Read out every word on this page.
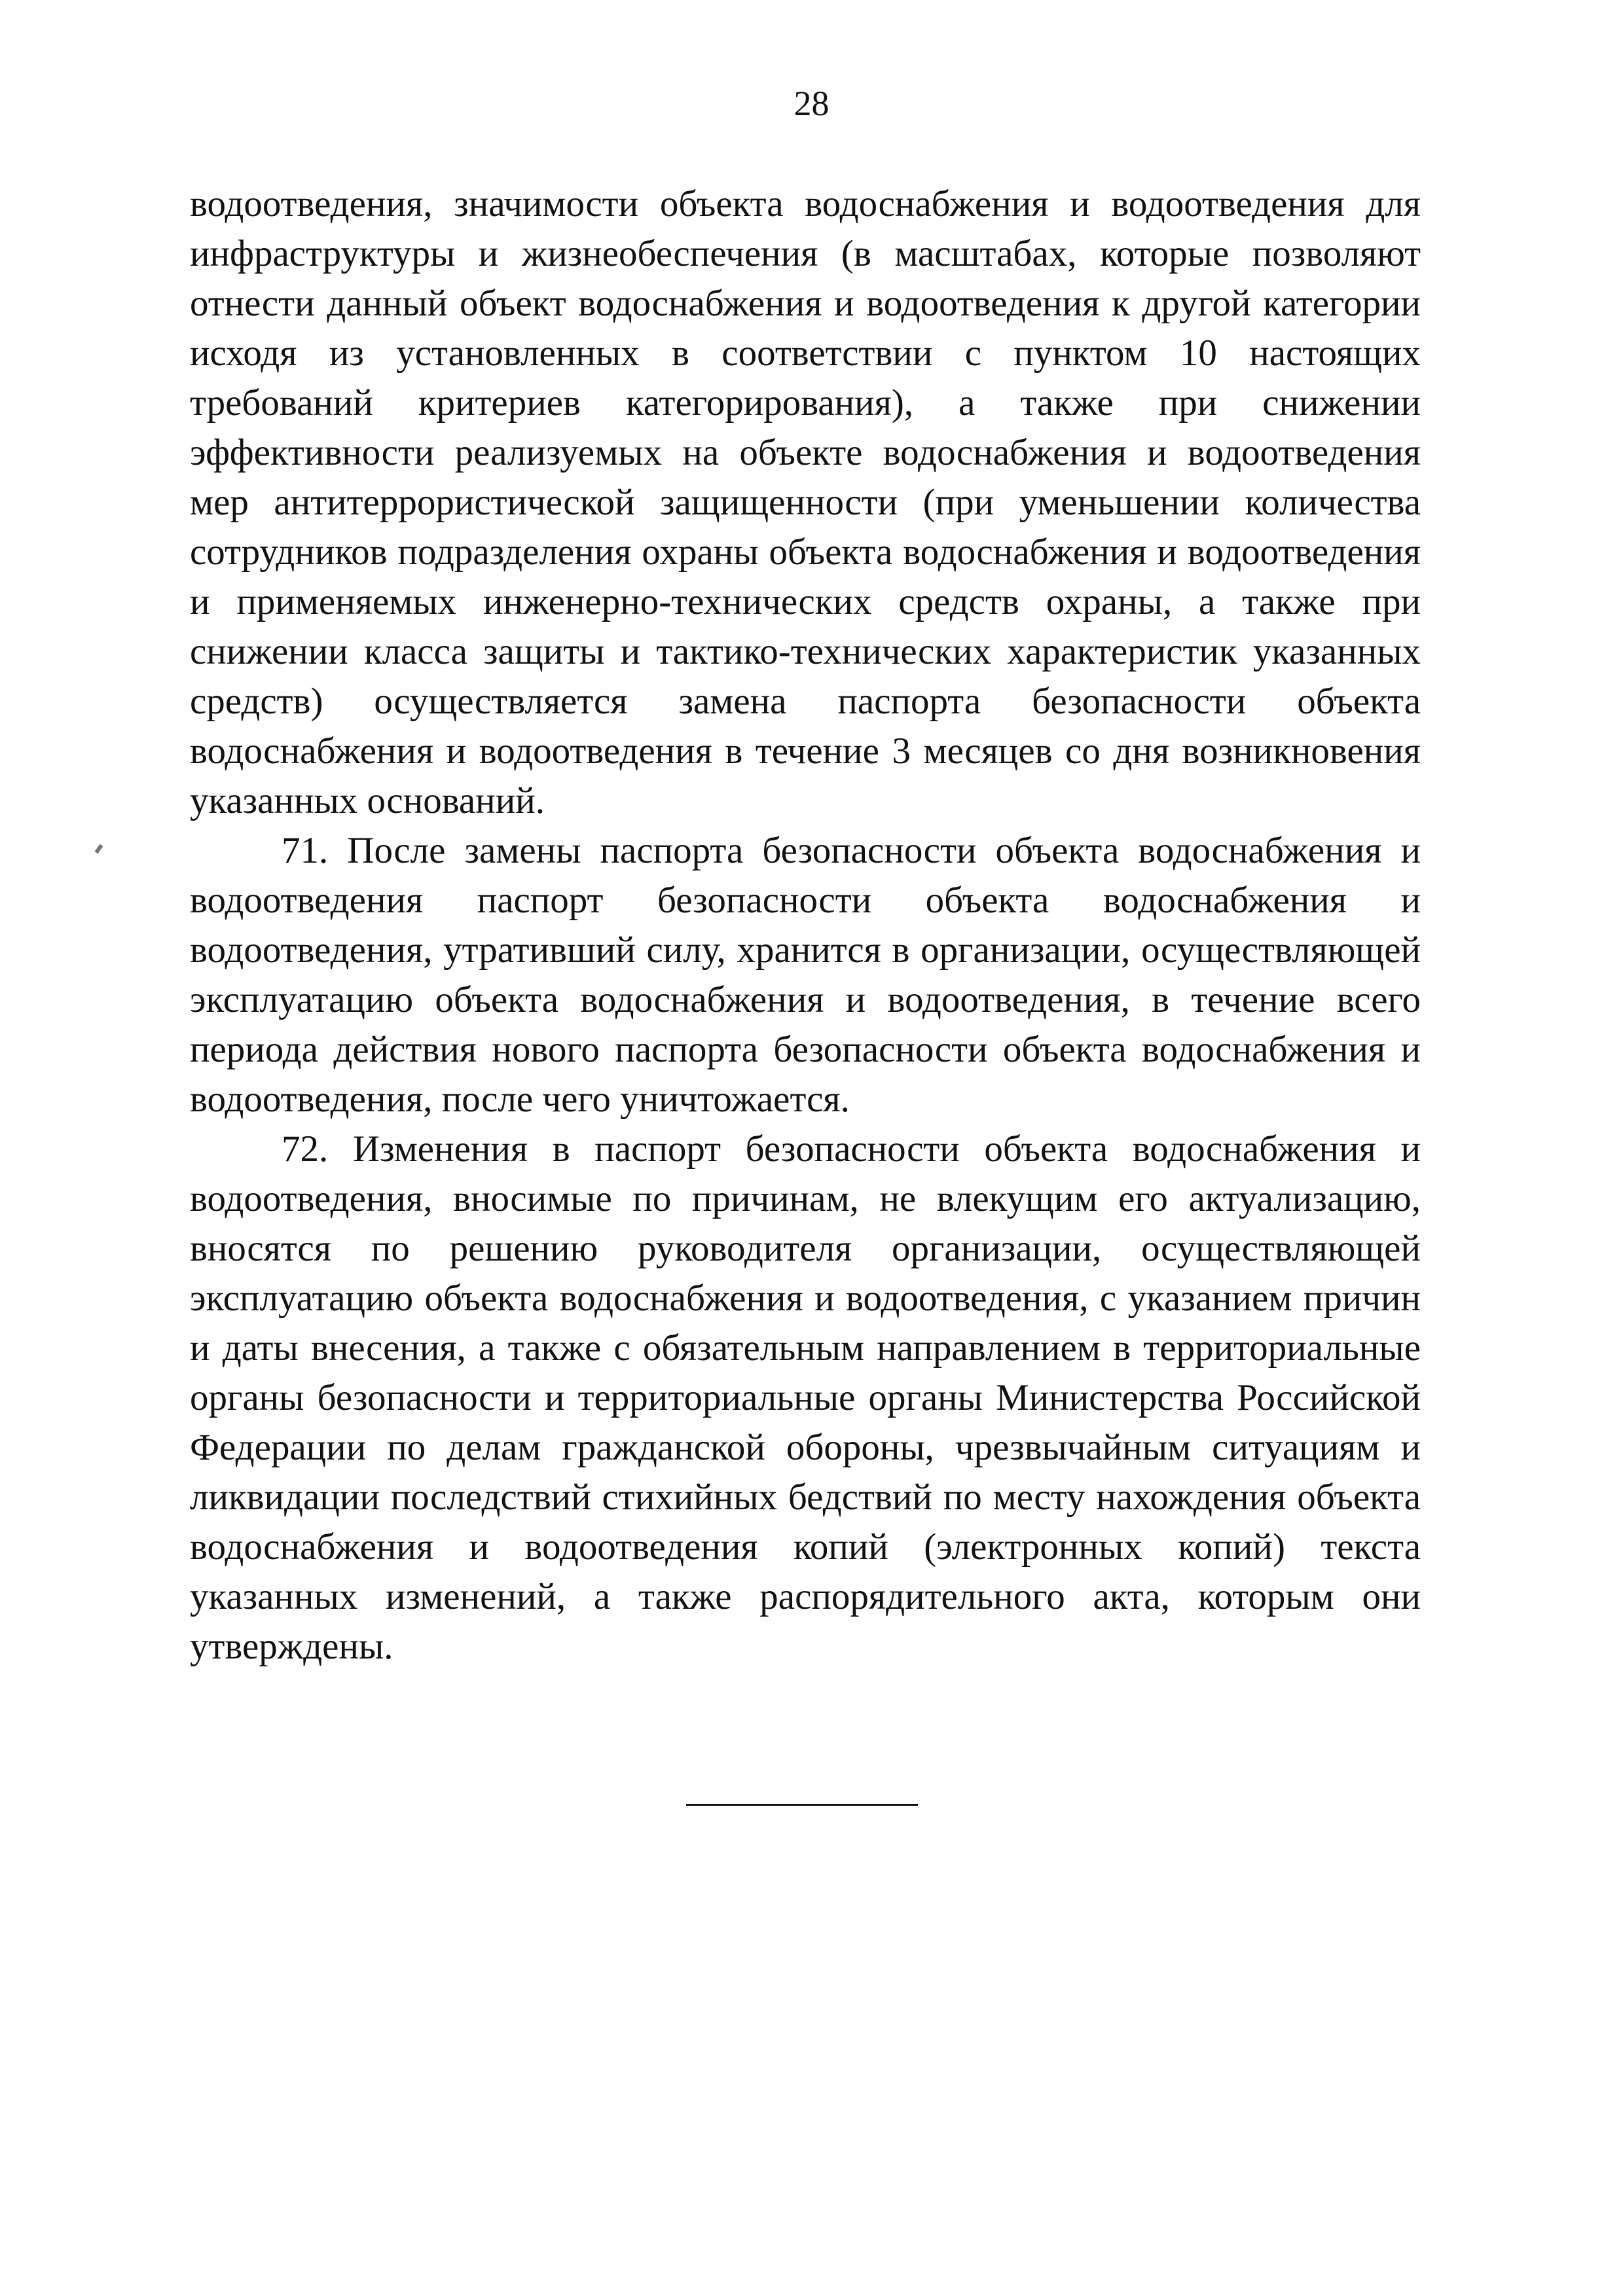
28

водоотведения, значимости объекта водоснабжения и водоотведения для инфраструктуры и жизнеобеспечения (в масштабах, которые позволяют отнести данный объект водоснабжения и водоотведения к другой категории исходя из установленных в соответствии с пунктом 10 настоящих требований критериев категорирования), а также при снижении эффективности реализуемых на объекте водоснабжения и водоотведения мер антитеррористической защищенности (при уменьшении количества сотрудников подразделения охраны объекта водоснабжения и водоотведения и применяемых инженерно-технических средств охраны, а также при снижении класса защиты и тактико-технических характеристик указанных средств) осуществляется замена паспорта безопасности объекта водоснабжения и водоотведения в течение 3 месяцев со дня возникновения указанных оснований.

71. После замены паспорта безопасности объекта водоснабжения и водоотведения паспорт безопасности объекта водоснабжения и водоотведения, утративший силу, хранится в организации, осуществляющей эксплуатацию объекта водоснабжения и водоотведения, в течение всего периода действия нового паспорта безопасности объекта водоснабжения и водоотведения, после чего уничтожается.

72. Изменения в паспорт безопасности объекта водоснабжения и водоотведения, вносимые по причинам, не влекущим его актуализацию, вносятся по решению руководителя организации, осуществляющей эксплуатацию объекта водоснабжения и водоотведения, с указанием причин и даты внесения, а также с обязательным направлением в территориальные органы безопасности и территориальные органы Министерства Российской Федерации по делам гражданской обороны, чрезвычайным ситуациям и ликвидации последствий стихийных бедствий по месту нахождения объекта водоснабжения и водоотведения копий (электронных копий) текста указанных изменений, а также распорядительного акта, которым они утверждены.
